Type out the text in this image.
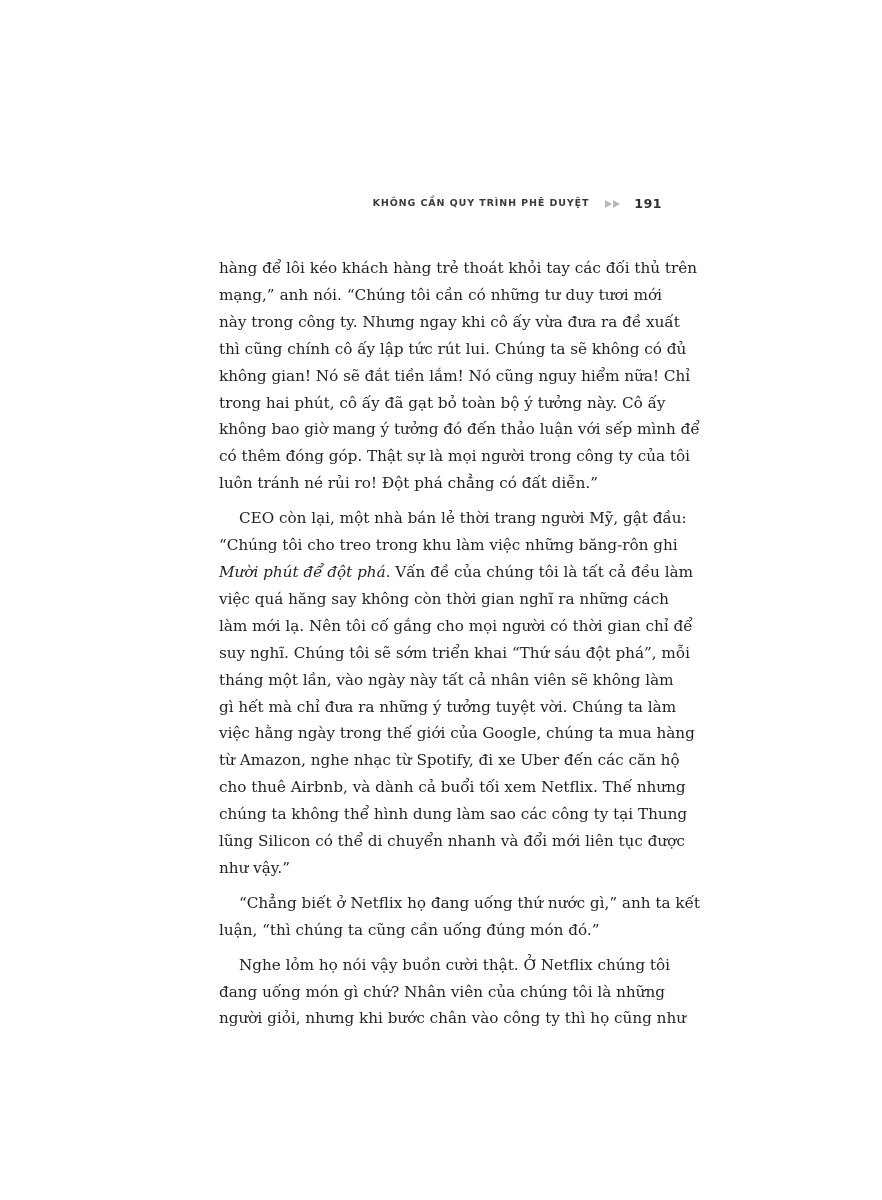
KHÔNG CẦN QUY TRÌNH PHÊ DUYỆT	191
hàng để lôi kéo khách hàng trẻ thoát khỏi tay các đối thủ trên
mạng,” anh nói. “Chúng tôi cần có những tư duy tươi mới
này trong công ty. Nhưng ngay khi cô ấy vừa đưa ra đề xuất
thì cũng chính cô ấy lập tức rút lui. Chúng ta sẽ không có đủ
không gian! Nó sẽ đắt tiền lắm! Nó cũng nguy hiểm nữa! Chỉ
trong hai phút, cô ấy đã gạt bỏ toàn bộ ý tưởng này. Cô ấy
không bao giờ mang ý tưởng đó đến thảo luận với sếp mình để
có thêm đóng góp. Thật sự là mọi người trong công ty của tôi
luôn tránh né rủi ro! Đột phá chẳng có đất diễn.”
CEO còn lại, một nhà bán lẻ thời trang người Mỹ, gật đầu:
“Chúng tôi cho treo trong khu làm việc những băng-rôn ghi
Mười phút để đột phá. Vấn đề của chúng tôi là tất cả đều làm
việc quá hăng say không còn thời gian nghĩ ra những cách
làm mới lạ. Nên tôi cố gắng cho mọi người có thời gian chỉ để
suy nghĩ. Chúng tôi sẽ sớm triển khai “Thứ sáu đột phá”, mỗi
tháng một lần, vào ngày này tất cả nhân viên sẽ không làm
gì hết mà chỉ đưa ra những ý tưởng tuyệt vời. Chúng ta làm
việc hằng ngày trong thế giới của Google, chúng ta mua hàng
từ Amazon, nghe nhạc từ Spotify, đi xe Uber đến các căn hộ
cho thuê Airbnb, và dành cả buổi tối xem Netflix. Thế nhưng
chúng ta không thể hình dung làm sao các công ty tại Thung
lũng Silicon có thể di chuyển nhanh và đổi mới liên tục được
như vậy.”
“Chẳng biết ở Netflix họ đang uống thứ nước gì,” anh ta kết
luận, “thì chúng ta cũng cần uống đúng món đó.”
Nghe lỏm họ nói vậy buồn cười thật. Ở Netflix chúng tôi
đang uống món gì chứ? Nhân viên của chúng tôi là những
người giỏi, nhưng khi bước chân vào công ty thì họ cũng như
